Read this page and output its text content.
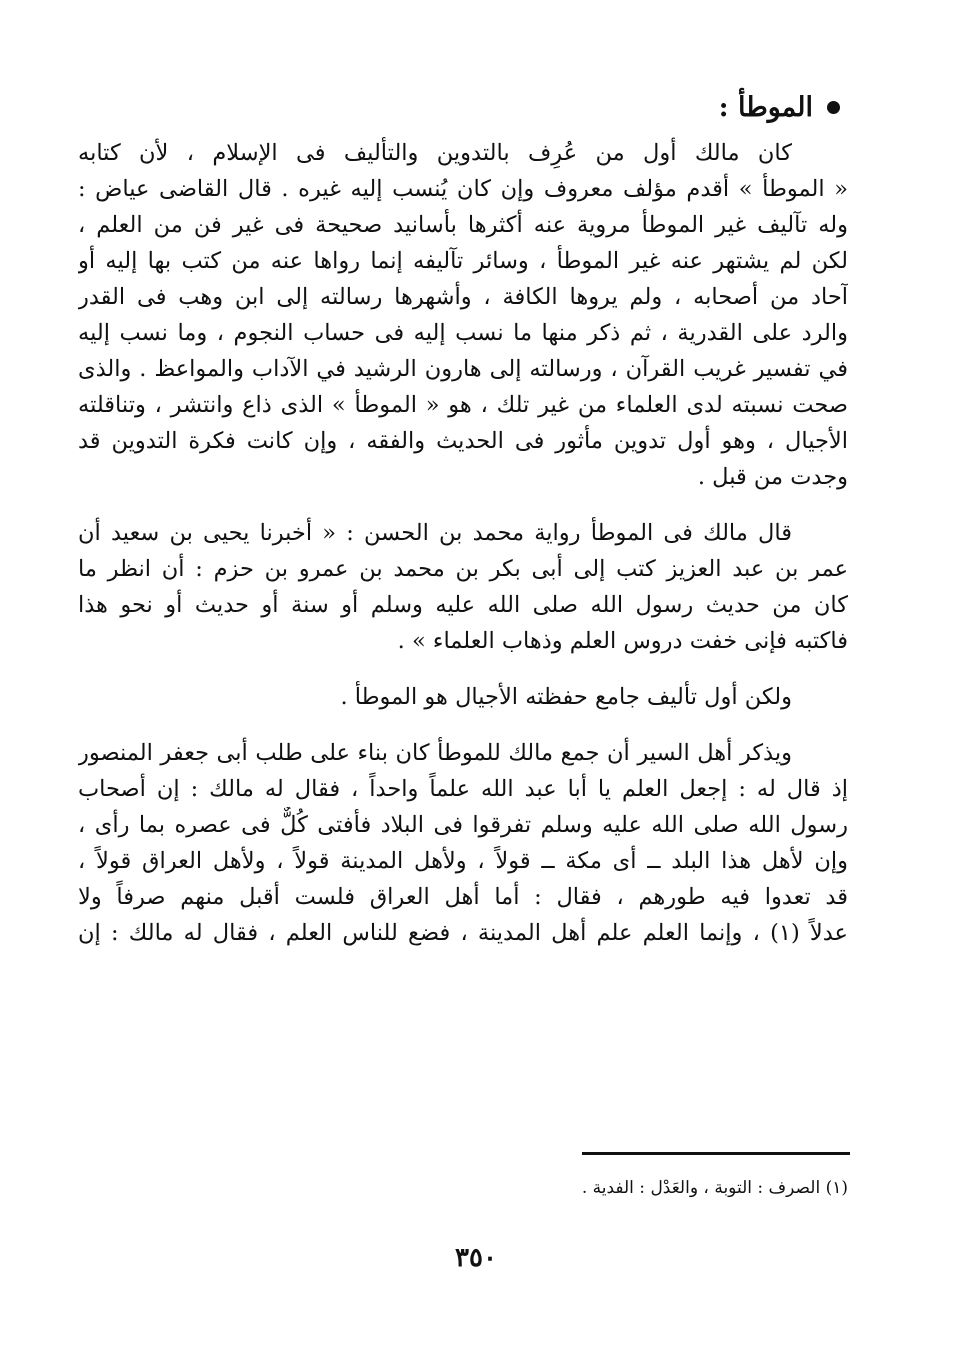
الموطأ :
كان مالك أول من عُرِف بالتدوين والتأليف فى الإسلام ، لأن كتابه
« الموطأ » أقدم مؤلف معروف وإن كان يُنسب إليه غيره . قال القاضى عياض :
وله تآليف غير الموطأ مروية عنه أكثرها بأسانيد صحيحة فى غير فن من العلم ،
لكن لم يشتهر عنه غير الموطأ ، وسائر تآليفه إنما رواها عنه من كتب بها إليه أو
آحاد من أصحابه ، ولم يروها الكافة ، وأشهرها رسالته إلى ابن وهب فى القدر
والرد على القدرية ، ثم ذكر منها ما نسب إليه فى حساب النجوم ، وما نسب إليه
في تفسير غريب القرآن ، ورسالته إلى هارون الرشيد في الآداب والمواعظ . والذى
صحت نسبته لدى العلماء من غير تلك ، هو « الموطأ » الذى ذاع وانتشر ، وتناقلته
الأجيال ، وهو أول تدوين مأثور فى الحديث والفقه ، وإن كانت فكرة التدوين قد
وجدت من قبل .
قال مالك فى الموطأ رواية محمد بن الحسن : « أخبرنا يحيى بن سعيد أن
عمر بن عبد العزيز كتب إلى أبى بكر بن محمد بن عمرو بن حزم : أن انظر ما
كان من حديث رسول الله صلى الله عليه وسلم أو سنة أو حديث أو نحو هذا
فاكتبه فإنى خفت دروس العلم وذهاب العلماء » .
ولكن أول تأليف جامع حفظته الأجيال هو الموطأ .
ويذكر أهل السير أن جمع مالك للموطأ كان بناء على طلب أبى جعفر المنصور
إذ قال له : إجعل العلم يا أبا عبد الله علماً واحداً ، فقال له مالك : إن أصحاب
رسول الله صلى الله عليه وسلم تفرقوا فى البلاد فأفتى كُلٌّ فى عصره بما رأى ،
وإن لأهل هذا البلد ــ أى مكة ــ قولاً ، ولأهل المدينة قولاً ، ولأهل العراق قولاً ،
قد تعدوا فيه طورهم ، فقال : أما أهل العراق فلست أقبل منهم صرفاً ولا
عدلاً (١) ، وإنما العلم علم أهل المدينة ، فضع للناس العلم ، فقال له مالك : إن
(١) الصرف : التوبة ، والعَدْل : الفدية .
٣٥٠
